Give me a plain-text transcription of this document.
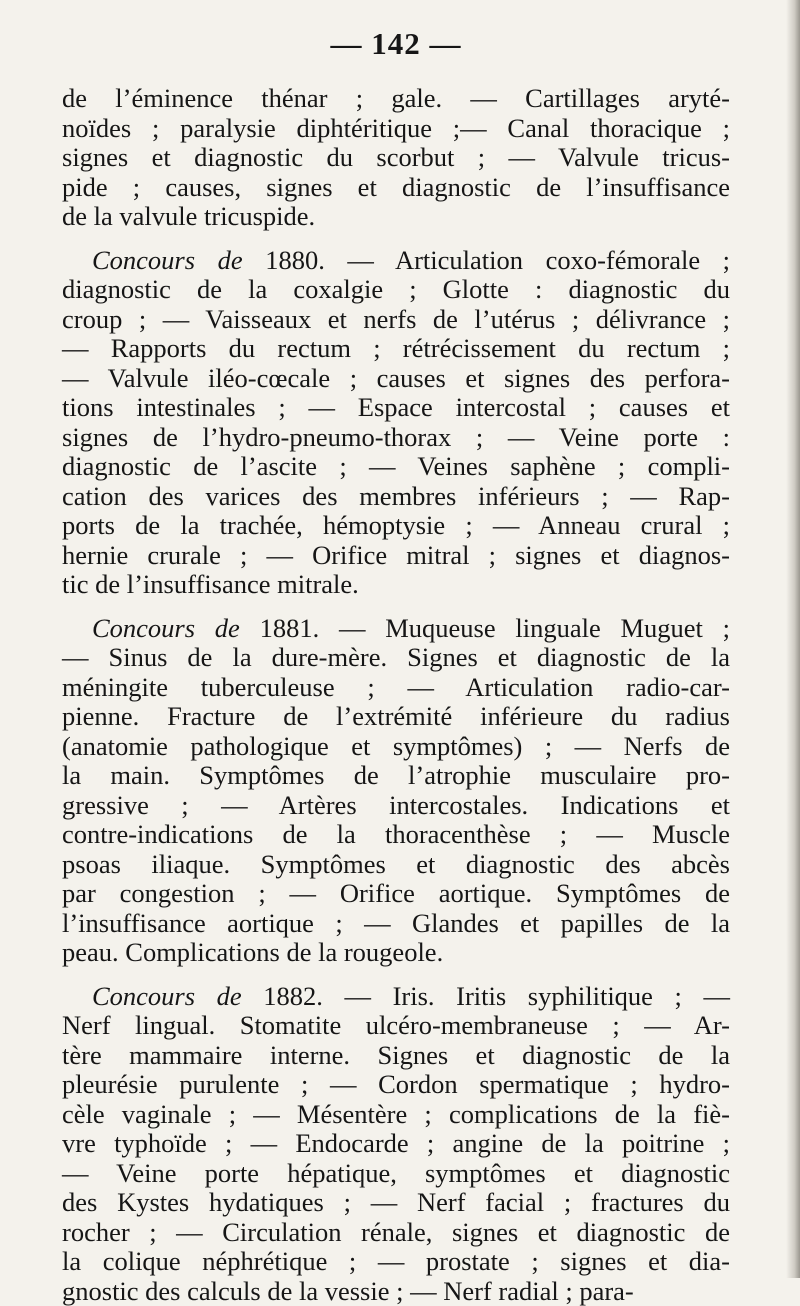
— 142 —

de l’éminence thénar ; gale. — Cartillages aryté-
noïdes ; paralysie diphtéritique ;— Canal thoracique ;
signes et diagnostic du scorbut ; — Valvule tricus-
pide ; causes, signes et diagnostic de l’insuffisance
de la valvule tricuspide.

Concours de 1880. — Articulation coxo-fémorale ;
diagnostic de la coxalgie ; Glotte : diagnostic du
croup ; — Vaisseaux et nerfs de l’utérus ; délivrance ;
— Rapports du rectum ; rétrécissement du rectum ;
— Valvule iléo-cœcale ; causes et signes des perfora-
tions intestinales ; — Espace intercostal ; causes et
signes de l’hydro-pneumo-thorax ; — Veine porte :
diagnostic de l’ascite ; — Veines saphène ; compli-
cation des varices des membres inférieurs ; — Rap-
ports de la trachée, hémoptysie ; — Anneau crural ;
hernie crurale ; — Orifice mitral ; signes et diagnos-
tic de l’insuffisance mitrale.

Concours de 1881. — Muqueuse linguale Muguet ;
— Sinus de la dure-mère. Signes et diagnostic de la
méningite tuberculeuse ; — Articulation radio-car-
pienne. Fracture de l’extrémité inférieure du radius
(anatomie pathologique et symptômes) ; — Nerfs de
la main. Symptômes de l’atrophie musculaire pro-
gressive ; — Artères intercostales. Indications et
contre-indications de la thoracenthèse ; — Muscle
psoas iliaque. Symptômes et diagnostic des abcès
par congestion ; — Orifice aortique. Symptômes de
l’insuffisance aortique ; — Glandes et papilles de la
peau. Complications de la rougeole.

Concours de 1882. — Iris. Iritis syphilitique ; —
Nerf lingual. Stomatite ulcéro-membraneuse ; — Ar-
tère mammaire interne. Signes et diagnostic de la
pleurésie purulente ; — Cordon spermatique ; hydro-
cèle vaginale ; — Mésentère ; complications de la fiè-
vre typhoïde ; — Endocarde ; angine de la poitrine ;
— Veine porte hépatique, symptômes et diagnostic
des Kystes hydatiques ; — Nerf facial ; fractures du
rocher ; — Circulation rénale, signes et diagnostic de
la colique néphrétique ; — prostate ; signes et dia-
gnostic des calculs de la vessie ; — Nerf radial ; para-
